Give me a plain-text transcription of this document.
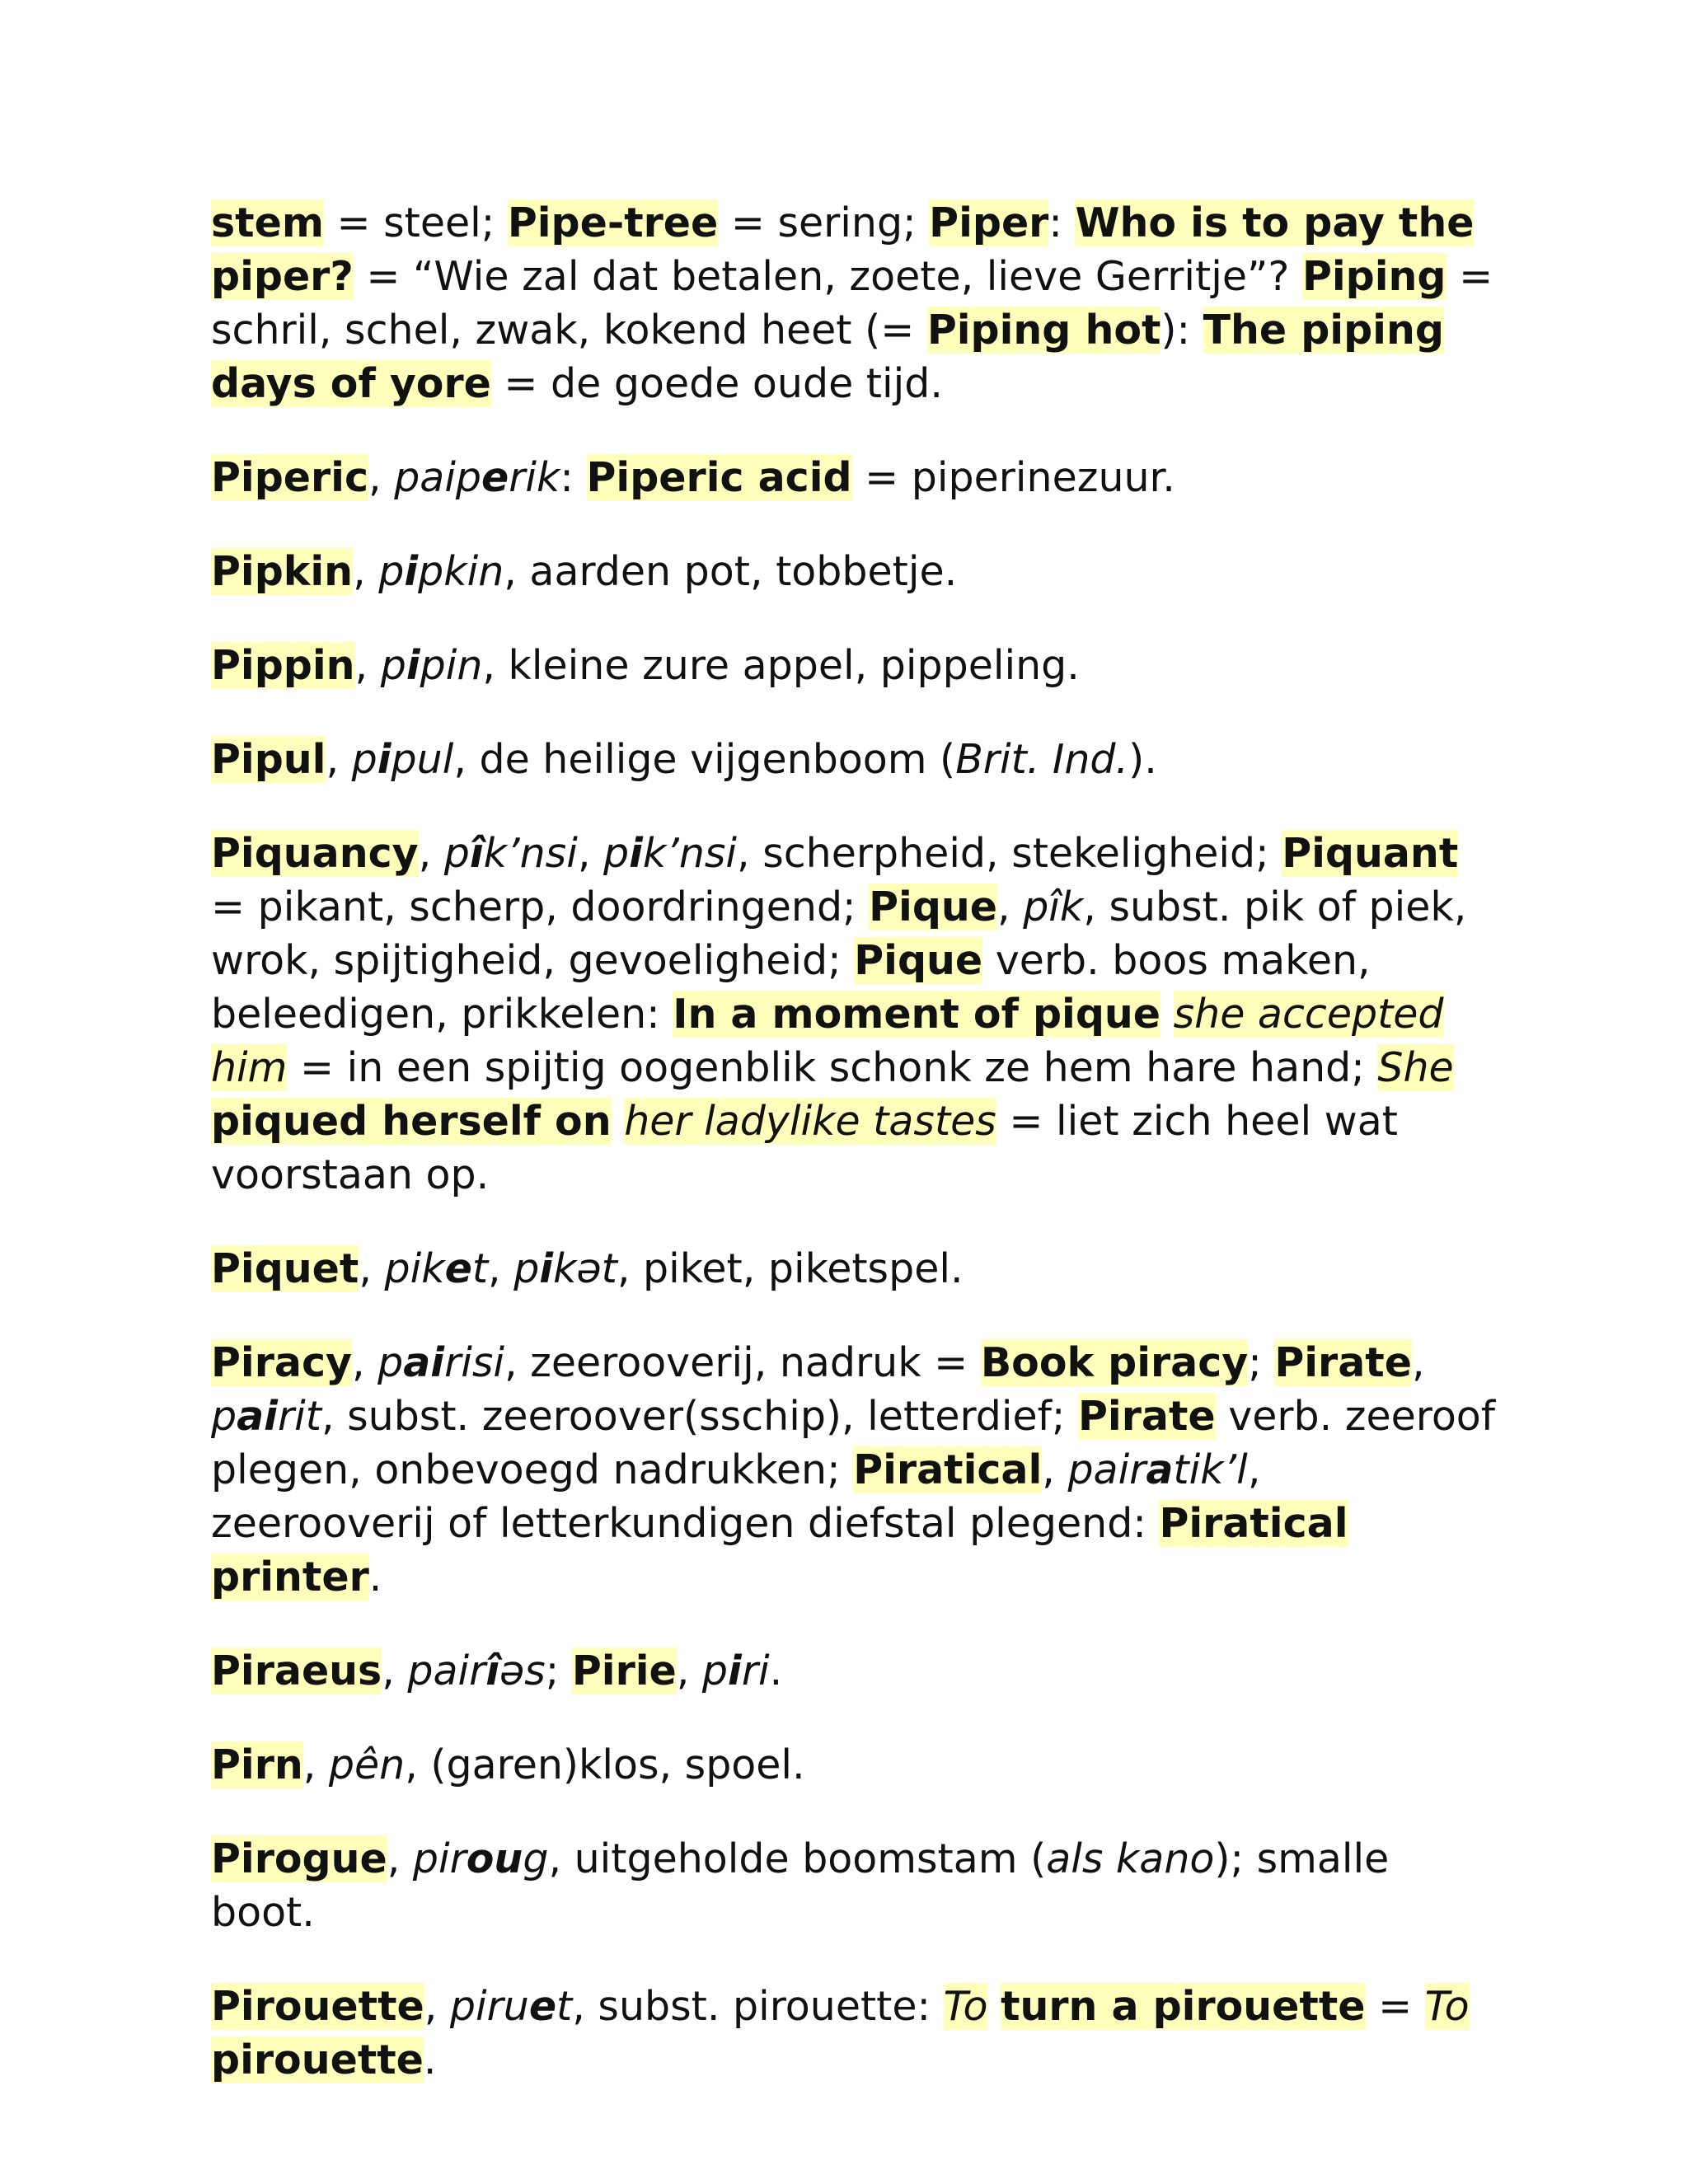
stem = steel; Pipe-tree = sering; Piper: Who is to pay the piper? = “Wie zal dat betalen, zoete, lieve Gerritje”? Piping = schril, schel, zwak, kokend heet (= Piping hot): The piping days of yore = de goede oude tijd.

Piperic, paiperik: Piperic acid = piperinezuur.

Pipkin, pipkin, aarden pot, tobbetje.

Pippin, pipin, kleine zure appel, pippeling.

Pipul, pipul, de heilige vijgenboom (Brit. Ind.).

Piquancy, pîk’nsi, pik’nsi, scherpheid, stekeligheid; Piquant = pikant, scherp, doordringend; Pique, pîk, subst. pik of piek, wrok, spijtigheid, gevoeligheid; Pique verb. boos maken, beleedigen, prikkelen: In a moment of pique she accepted him = in een spijtig oogenblik schonk ze hem hare hand; She piqued herself on her ladylike tastes = liet zich heel wat voorstaan op.

Piquet, piket, pikət, piket, piketspel.

Piracy, pairisi, zeerooverij, nadruk = Book piracy; Pirate, pairit, subst. zeeroover(sschip), letterdief; Pirate verb. zeeroof plegen, onbevoegd nadrukken; Piratical, pairatik’l, zeerooverij of letterkundigen diefstal plegend: Piratical printer.

Piraeus, pairîəs; Pirie, piri.

Pirn, pên, (garen)klos, spoel.

Pirogue, piroug, uitgeholde boomstam (als kano); smalle boot.

Pirouette, piruet, subst. pirouette: To turn a pirouette = To pirouette.
